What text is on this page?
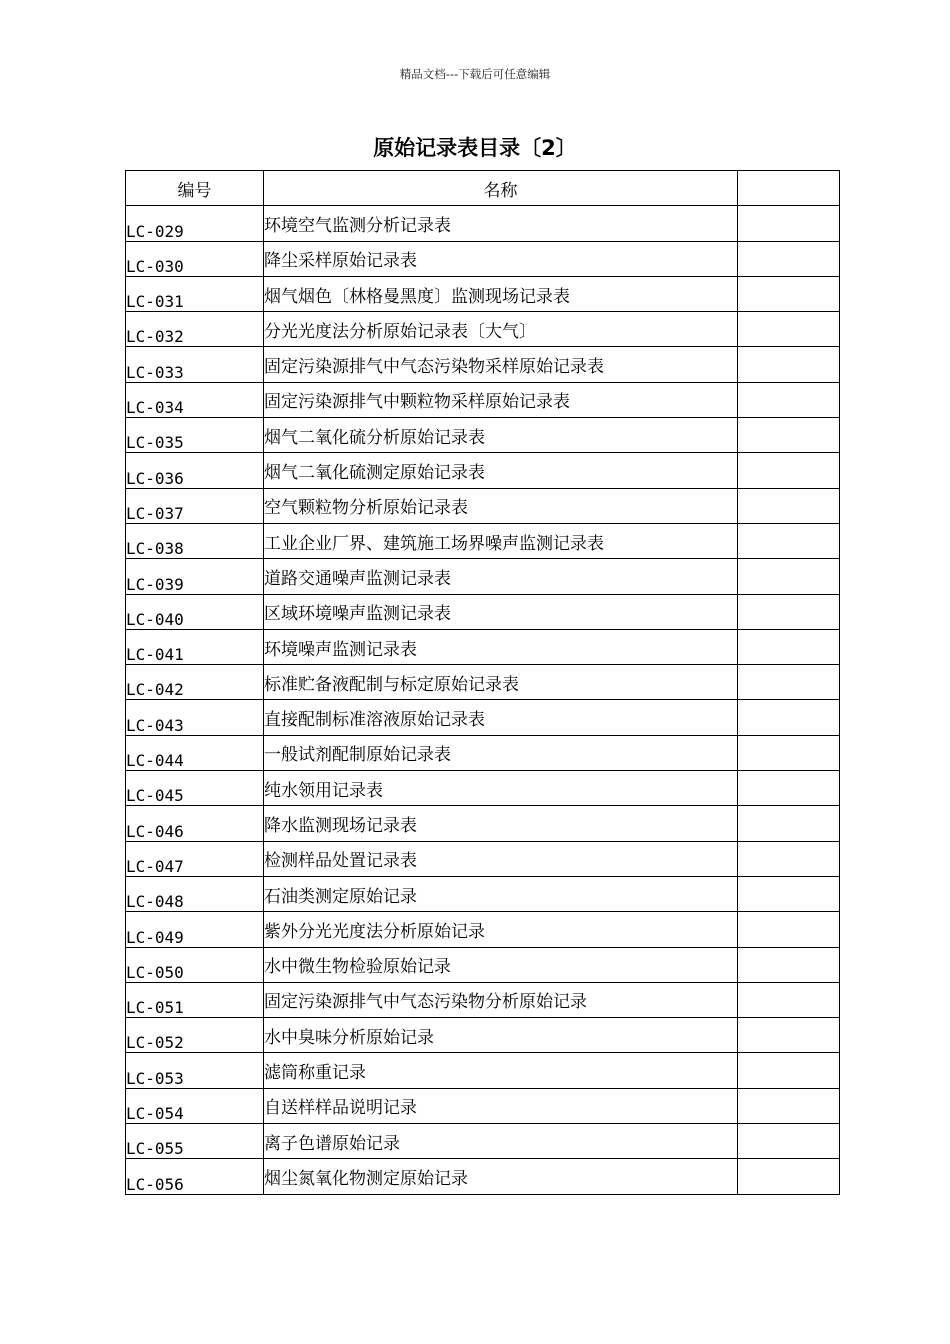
精品文档---下载后可任意编辑
原始记录表目录〔2〕
编号	名称	
LC-029	环境空气监测分析记录表	
LC-030	降尘采样原始记录表	
LC-031	烟气烟色〔林格曼黑度〕监测现场记录表	
LC-032	分光光度法分析原始记录表〔大气〕	
LC-033	固定污染源排气中气态污染物采样原始记录表	
LC-034	固定污染源排气中颗粒物采样原始记录表	
LC-035	烟气二氧化硫分析原始记录表	
LC-036	烟气二氧化硫测定原始记录表	
LC-037	空气颗粒物分析原始记录表	
LC-038	工业企业厂界、建筑施工场界噪声监测记录表	
LC-039	道路交通噪声监测记录表	
LC-040	区域环境噪声监测记录表	
LC-041	环境噪声监测记录表	
LC-042	标准贮备液配制与标定原始记录表	
LC-043	直接配制标准溶液原始记录表	
LC-044	一般试剂配制原始记录表	
LC-045	纯水领用记录表	
LC-046	降水监测现场记录表	
LC-047	检测样品处置记录表	
LC-048	石油类测定原始记录	
LC-049	紫外分光光度法分析原始记录	
LC-050	水中微生物检验原始记录	
LC-051	固定污染源排气中气态污染物分析原始记录	
LC-052	水中臭味分析原始记录	
LC-053	滤筒称重记录	
LC-054	自送样样品说明记录	
LC-055	离子色谱原始记录	
LC-056	烟尘氮氧化物测定原始记录	
